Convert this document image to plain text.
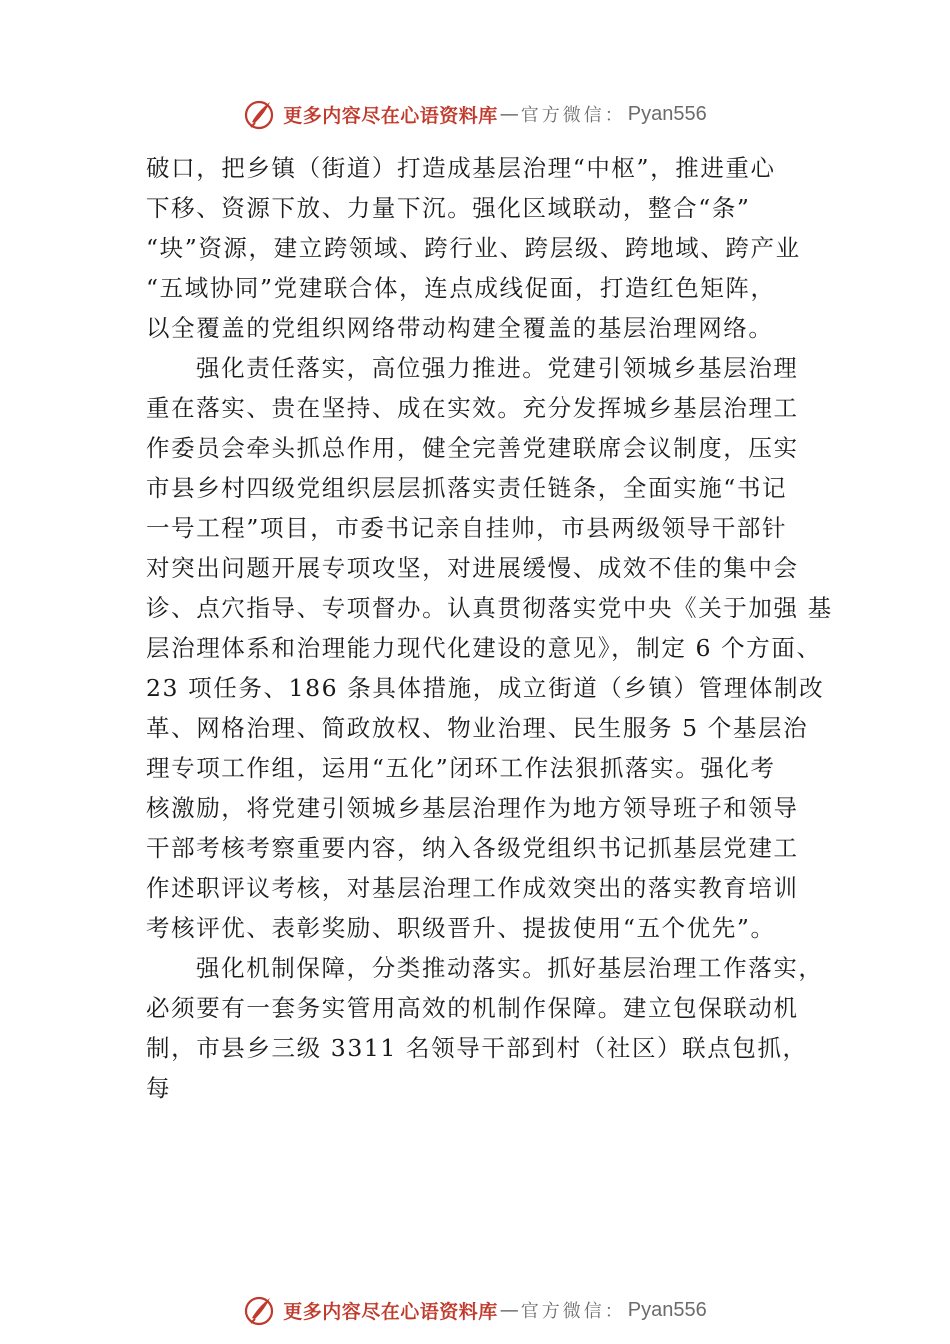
更多内容尽在心语资料库 — 官方微信： Pyan556
破口，把乡镇（街道）打造成基层治理“中枢”，推进重心
下移、资源下放、力量下沉。强化区域联动，整合“条”
“块”资源，建立跨领域、跨行业、跨层级、跨地域、跨产业
“五域协同”党建联合体，连点成线促面，打造红色矩阵，
以全覆盖的党组织网络带动构建全覆盖的基层治理网络。
强化责任落实，高位强力推进。党建引领城乡基层治理
重在落实、贵在坚持、成在实效。充分发挥城乡基层治理工
作委员会牵头抓总作用，健全完善党建联席会议制度，压实
市县乡村四级党组织层层抓落实责任链条，全面实施“书记
一号工程”项目，市委书记亲自挂帅，市县两级领导干部针
对突出问题开展专项攻坚，对进展缓慢、成效不佳的集中会
诊、点穴指导、专项督办。认真贯彻落实党中央《关于加强 基
层治理体系和治理能力现代化建设的意见》，制定 6 个方面、
23 项任务、186 条具体措施，成立街道（乡镇）管理体制改
革、网格治理、简政放权、物业治理、民生服务 5 个基层治
理专项工作组，运用“五化”闭环工作法狠抓落实。强化考
核激励，将党建引领城乡基层治理作为地方领导班子和领导
干部考核考察重要内容，纳入各级党组织书记抓基层党建工
作述职评议考核，对基层治理工作成效突出的落实教育培训
考核评优、表彰奖励、职级晋升、提拔使用“五个优先”。
强化机制保障，分类推动落实。抓好基层治理工作落实，
必须要有一套务实管用高效的机制作保障。建立包保联动机
制，市县乡三级 3311 名领导干部到村（社区）联点包抓，
每
更多内容尽在心语资料库 — 官方微信： Pyan556
